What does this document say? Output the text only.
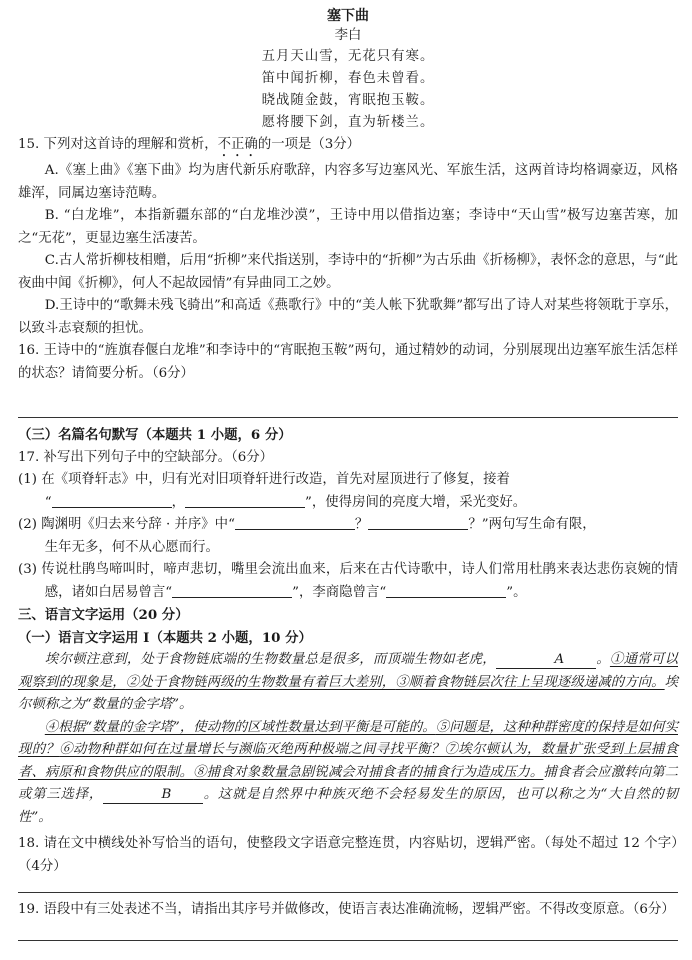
塞下曲
李白
五月天山雪，无花只有寒。
笛中闻折柳，春色未曾看。
晓战随金鼓，宵眠抱玉鞍。
愿将腰下剑，直为斩楼兰。

15. 下列对这首诗的理解和赏析，不正确的一项是（3分）

A.《塞上曲》《塞下曲》均为唐代新乐府歌辞，内容多写边塞风光、军旅生活，这两首诗均格调豪迈，风格雄浑，同属边塞诗范畴。

B. “白龙堆”，本指新疆东部的“白龙堆沙漠”，王诗中用以借指边塞；李诗中“天山雪”极写边塞苦寒，加之“无花”，更显边塞生活凄苦。

C.古人常折柳枝相赠，后用“折柳”来代指送别，李诗中的“折柳”为古乐曲《折杨柳》，表怀念的意思，与“此夜曲中闻《折柳》，何人不起故园情”有异曲同工之妙。

D.王诗中的“歌舞未残飞骑出”和高适《燕歌行》中的“美人帐下犹歌舞”都写出了诗人对某些将领耽于享乐，以致斗志衰颓的担忧。

16. 王诗中的“旌旗春偃白龙堆”和李诗中的“宵眠抱玉鞍”两句，通过精妙的动词，分别展现出边塞军旅生活怎样的状态？请简要分析。（6分）

（三）名篇名句默写（本题共 1 小题，6 分）

17. 补写出下列句子中的空缺部分。（6分）

(1) 在《项脊轩志》中，归有光对旧项脊轩进行改造，首先对屋顶进行了修复，接着
“	，	”，使得房间的亮度大增，采光变好。

(2) 陶渊明《归去来兮辞 · 并序》中“	？	？”两句写生命有限，
生年无多，何不从心愿而行。

(3) 传说杜鹃鸟啼叫时，啼声悲切，嘴里会流出血来，后来在古代诗歌中，诗人们常用杜鹃来表达悲伤哀婉的情感，诸如白居易曾言“	”，李商隐曾言“	”。

三、语言文字运用（20 分）

（一）语言文字运用 Ⅰ（本题共 2 小题，10 分）

埃尔顿注意到，处于食物链底端的生物数量总是很多，而顶端生物如老虎，	A 。①通常可以观察到的现象是，②处于食物链两级的生物数量有着巨大差别，③顺着食物链层次往上呈现逐级递减的方向。埃尔顿称之为“数量的金字塔”。

④根据“数量的金字塔”，使动物的区域性数量达到平衡是可能的。⑤问题是，这种种群密度的保持是如何实现的？⑥动物种群如何在过量增长与濒临灭绝两种极端之间寻找平衡？⑦埃尔顿认为，数量扩张受到上层捕食者、病原和食物供应的限制。⑧捕食对象数量急剧锐减会对捕食者的捕食行为造成压力。捕食者会应激转向第二或第三选择，	B 。这就是自然界中种族灭绝不会轻易发生的原因，也可以称之为“大自然的韧性”。

18. 请在文中横线处补写恰当的语句，使整段文字语意完整连贯，内容贴切，逻辑严密。（每处不超过 12 个字）（4分）

19. 语段中有三处表述不当，请指出其序号并做修改，使语言表达准确流畅，逻辑严密。不得改变原意。（6分）
